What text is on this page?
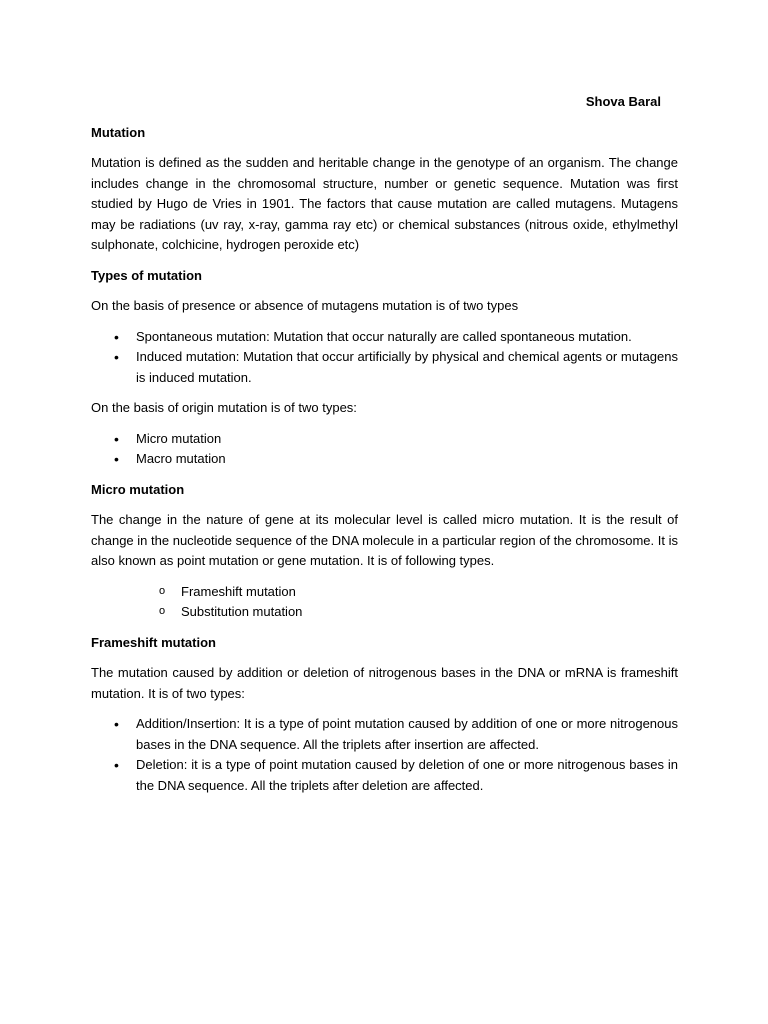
Shova Baral
Mutation

Mutation is defined as the sudden and heritable change in the genotype of an organism. The change includes change in the chromosomal structure, number or genetic sequence. Mutation was first studied by Hugo de Vries in 1901. The factors that cause mutation are called mutagens. Mutagens may be radiations (uv ray, x-ray, gamma ray etc) or chemical substances (nitrous oxide, ethylmethyl sulphonate, colchicine, hydrogen peroxide etc)

Types of mutation

On the basis of presence or absence of mutagens mutation is of two types

• Spontaneous mutation: Mutation that occur naturally are called spontaneous mutation.
• Induced mutation: Mutation that occur artificially by physical and chemical agents or mutagens is induced mutation.

On the basis of origin mutation is of two types:

• Micro mutation
• Macro mutation
Micro mutation

The change in the nature of gene at its molecular level is called micro mutation. It is the result of change in the nucleotide sequence of the DNA molecule in a particular region of the chromosome. It is also known as point mutation or gene mutation. It is of following types.

o Frameshift mutation
o Substitution mutation
Frameshift mutation

The mutation caused by addition or deletion of nitrogenous bases in the DNA or mRNA is frameshift mutation. It is of two types:

• Addition/Insertion: It is a type of point mutation caused by addition of one or more nitrogenous bases in the DNA sequence. All the triplets after insertion are affected.
• Deletion: it is a type of point mutation caused by deletion of one or more nitrogenous bases in the DNA sequence. All the triplets after deletion are affected.
